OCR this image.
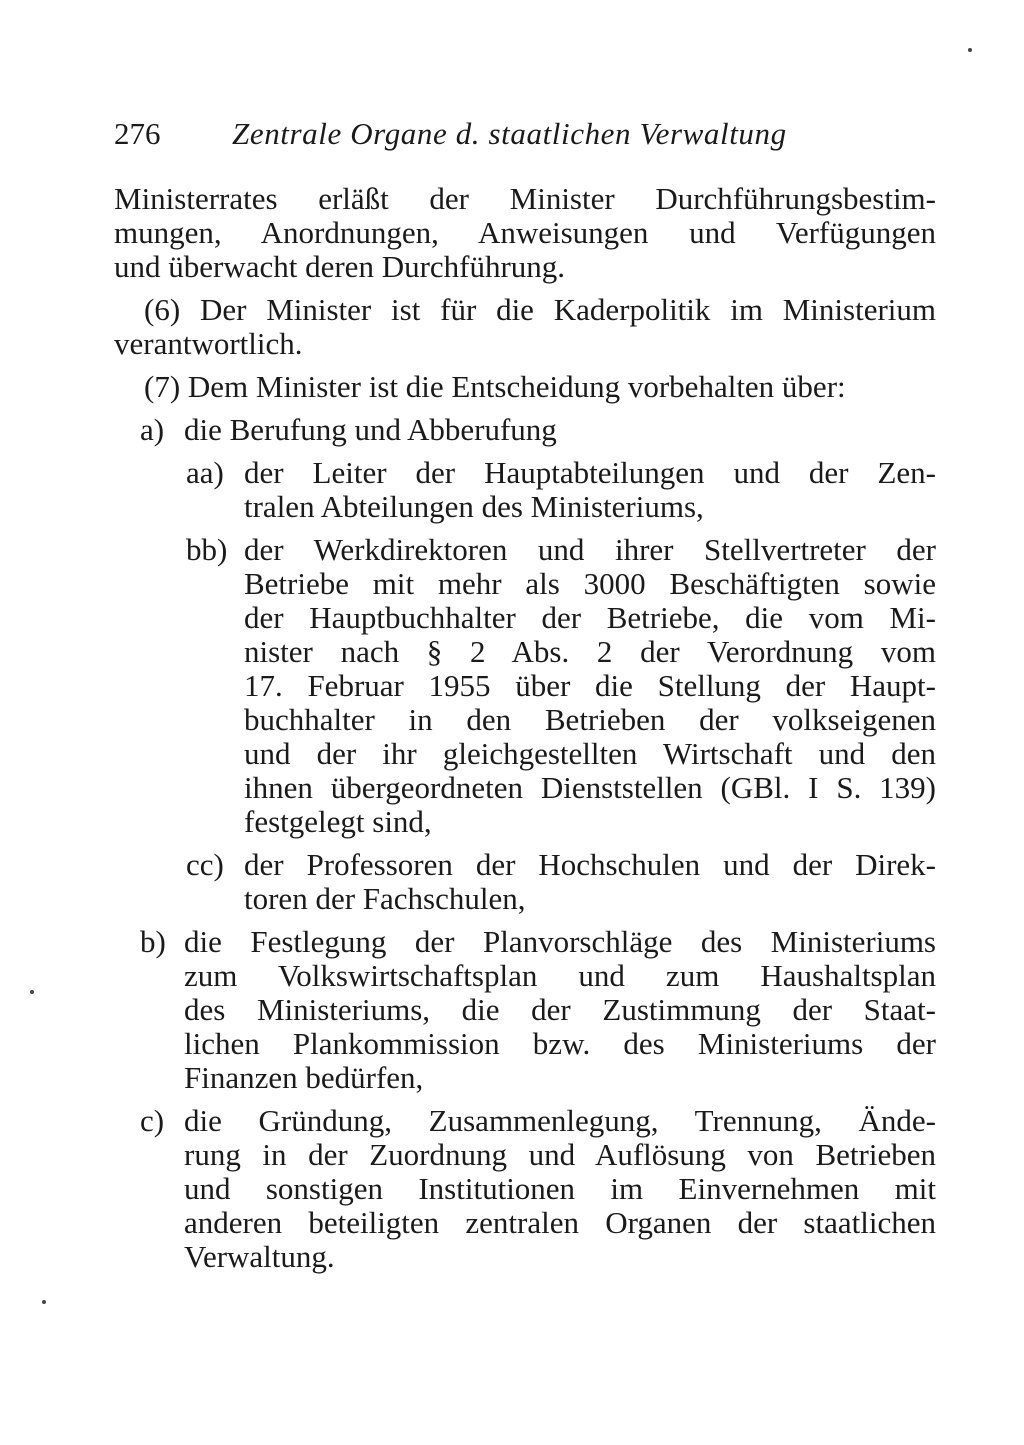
276 Zentrale Organe d. staatlichen Verwaltung
Ministerrates erläßt der Minister Durchführungsbestim-
mungen, Anordnungen, Anweisungen und Verfügungen
und überwacht deren Durchführung.
(6) Der Minister ist für die Kaderpolitik im Ministerium
verantwortlich.
(7) Dem Minister ist die Entscheidung vorbehalten über:
a) die Berufung und Abberufung
aa) der Leiter der Hauptabteilungen und der Zen-
tralen Abteilungen des Ministeriums,
bb) der Werkdirektoren und ihrer Stellvertreter der
Betriebe mit mehr als 3000 Beschäftigten sowie
der Hauptbuchhalter der Betriebe, die vom Mi-
nister nach § 2 Abs. 2 der Verordnung vom
17. Februar 1955 über die Stellung der Haupt-
buchhalter in den Betrieben der volkseigenen
und der ihr gleichgestellten Wirtschaft und den
ihnen übergeordneten Dienststellen (GBl. I S. 139)
festgelegt sind,
cc) der Professoren der Hochschulen und der Direk-
toren der Fachschulen,
b) die Festlegung der Planvorschläge des Ministeriums
zum Volkswirtschaftsplan und zum Haushaltsplan
des Ministeriums, die der Zustimmung der Staat-
lichen Plankommission bzw. des Ministeriums der
Finanzen bedürfen,
c) die Gründung, Zusammenlegung, Trennung, Ände-
rung in der Zuordnung und Auflösung von Betrieben
und sonstigen Institutionen im Einvernehmen mit
anderen beteiligten zentralen Organen der staatlichen
Verwaltung.
